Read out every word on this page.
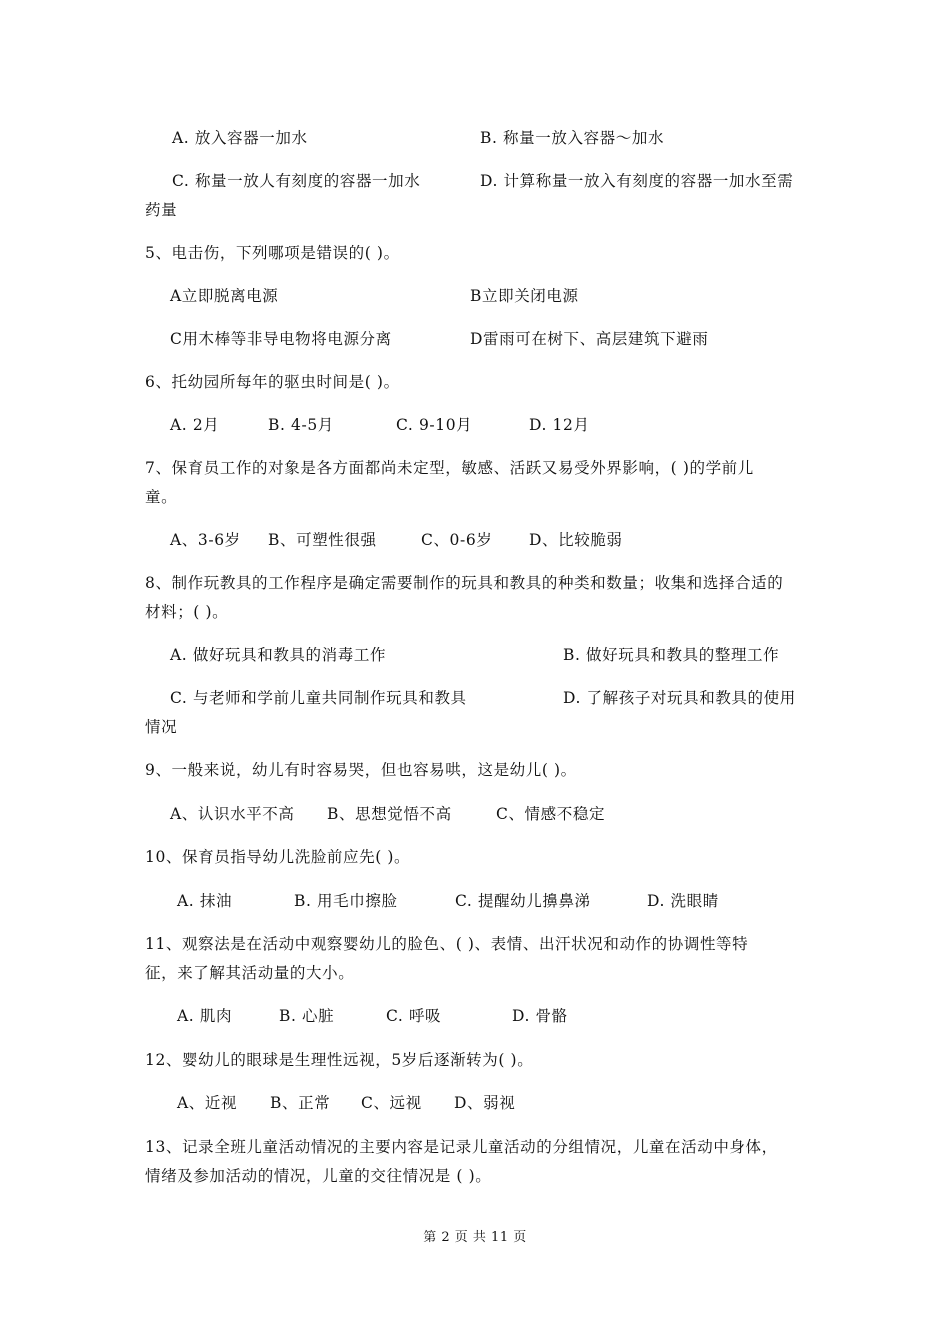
A. 放入容器一加水	B. 称量一放入容器～加水
C. 称量一放人有刻度的容器一加水	D. 计算称量一放入有刻度的容器一加水至需
药量
5、电击伤，下列哪项是错误的( )。
A立即脱离电源	B立即关闭电源
C用木棒等非导电物将电源分离	D雷雨可在树下、高层建筑下避雨
6、托幼园所每年的驱虫时间是( )。
A. 2月	B. 4-5月	C. 9-10月	D. 12月
7、保育员工作的对象是各方面都尚未定型，敏感、活跃又易受外界影响，( )的学前儿
童。
A、3-6岁 B、可塑性很强	C、0-6岁 D、比较脆弱
8、制作玩教具的工作程序是确定需要制作的玩具和教具的种类和数量；收集和选择合适的
材料；( )。
A. 做好玩具和教具的消毒工作	B. 做好玩具和教具的整理工作
C. 与老师和学前儿童共同制作玩具和教具	D. 了解孩子对玩具和教具的使用
情况
9、一般来说，幼儿有时容易哭，但也容易哄，这是幼儿( )。
A、认识水平不高 B、思想觉悟不高	C、情感不稳定
10、保育员指导幼儿洗脸前应先( )。
A. 抹油	B. 用毛巾擦脸	C. 提醒幼儿擤鼻涕	D. 洗眼睛
11、观察法是在活动中观察婴幼儿的脸色、( )、表情、出汗状况和动作的协调性等特
征，来了解其活动量的大小。
A. 肌肉	B. 心脏	C. 呼吸	D. 骨骼
12、婴幼儿的眼球是生理性远视，5岁后逐渐转为( )。
A、近视 B、正常 C、远视 D、弱视
13、记录全班儿童活动情况的主要内容是记录儿童活动的分组情况，儿童在活动中身体，
情绪及参加活动的情况，儿童的交往情况是 ( )。
第 2 页 共 11 页
